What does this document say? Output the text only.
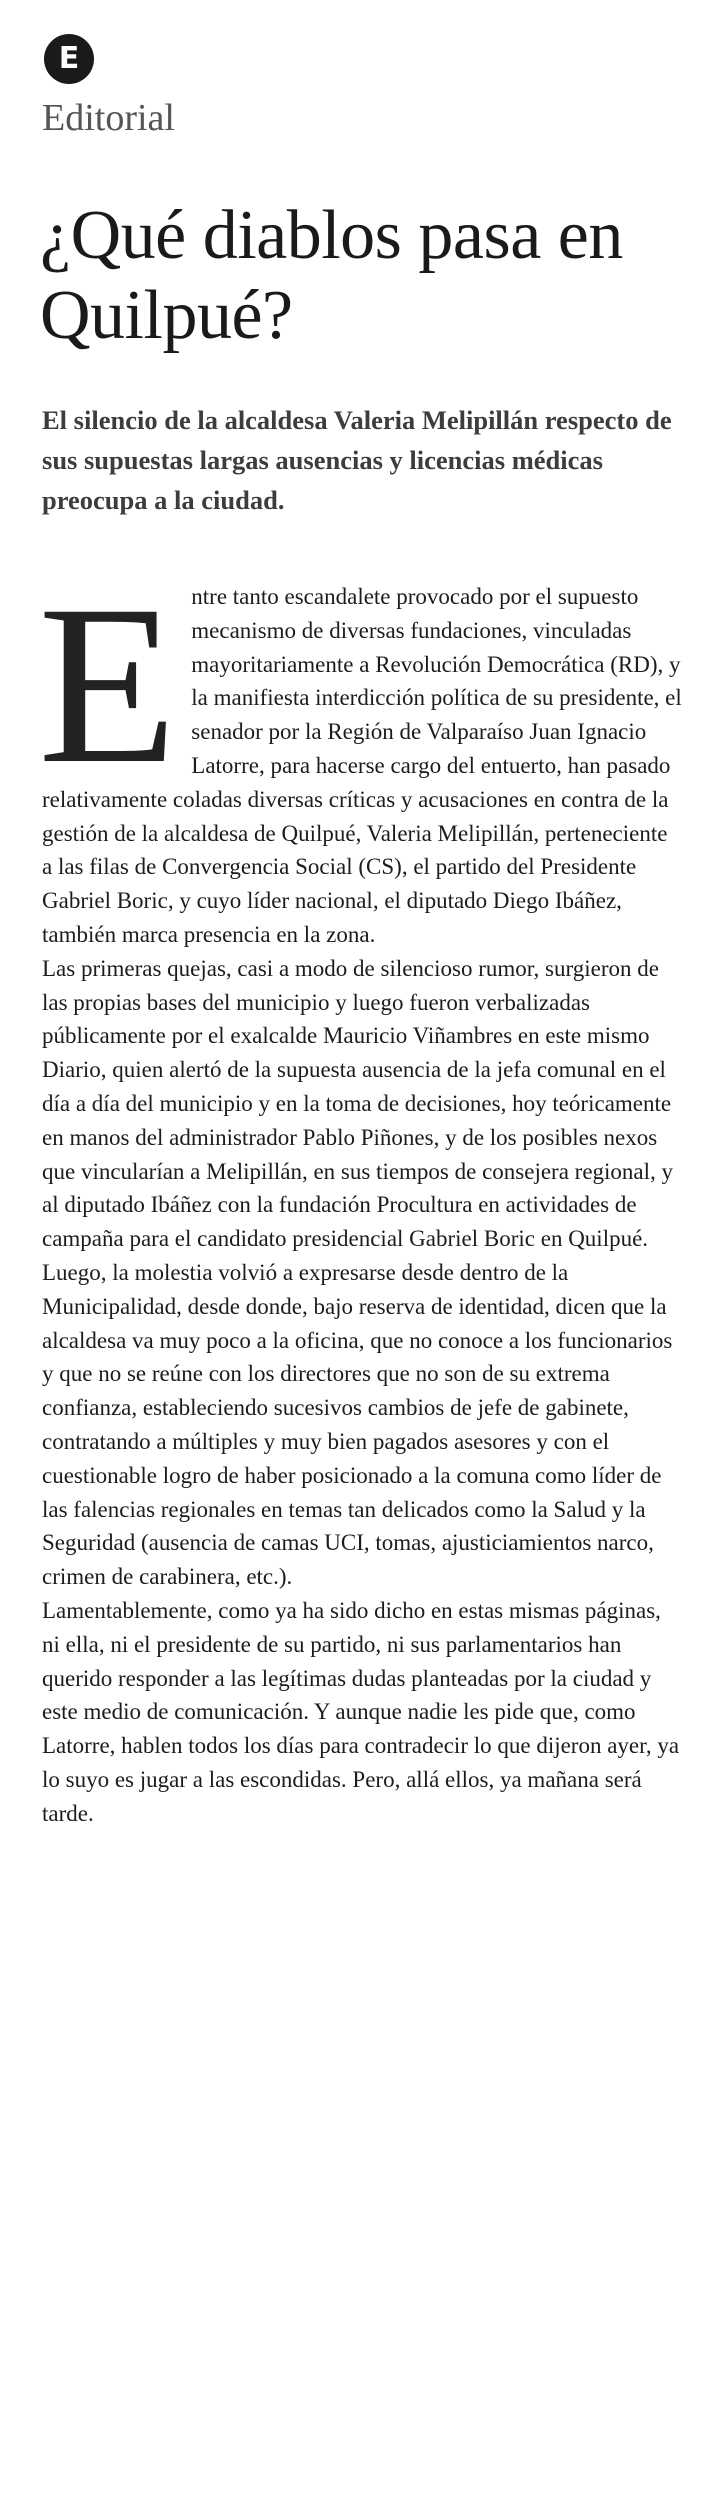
E
Editorial
¿Qué diablos pasa en Quilpué?

El silencio de la alcaldesa Valeria Melipillán respecto de sus supuestas largas ausencias y licencias médicas preocupa a la ciudad.

Entre tanto escandalete provocado por el supuesto mecanismo de diversas fundaciones, vinculadas mayoritariamente a Revolución Democrática (RD), y la manifiesta interdicción política de su presidente, el senador por la Región de Valparaíso Juan Ignacio Latorre, para hacerse cargo del entuerto, han pasado relativamente coladas diversas críticas y acusaciones en contra de la gestión de la alcaldesa de Quilpué, Valeria Melipillán, perteneciente a las filas de Convergencia Social (CS), el partido del Presidente Gabriel Boric, y cuyo líder nacional, el diputado Diego Ibáñez, también marca presencia en la zona.

Las primeras quejas, casi a modo de silencioso rumor, surgieron de las propias bases del municipio y luego fueron verbalizadas públicamente por el exalcalde Mauricio Viñambres en este mismo Diario, quien alertó de la supuesta ausencia de la jefa comunal en el día a día del municipio y en la toma de decisiones, hoy teóricamente en manos del administrador Pablo Piñones, y de los posibles nexos que vincularían a Melipillán, en sus tiempos de consejera regional, y al diputado Ibáñez con la fundación Procultura en actividades de campaña para el candidato presidencial Gabriel Boric en Quilpué.

Luego, la molestia volvió a expresarse desde dentro de la Municipalidad, desde donde, bajo reserva de identidad, dicen que la alcaldesa va muy poco a la oficina, que no conoce a los funcionarios y que no se reúne con los directores que no son de su extrema confianza, estableciendo sucesivos cambios de jefe de gabinete, contratando a múltiples y muy bien pagados asesores y con el cuestionable logro de haber posicionado a la comuna como líder de las falencias regionales en temas tan delicados como la Salud y la Seguridad (ausencia de camas UCI, tomas, ajusticiamientos narco, crimen de carabinera, etc.).

Lamentablemente, como ya ha sido dicho en estas mismas páginas, ni ella, ni el presidente de su partido, ni sus parlamentarios han querido responder a las legítimas dudas planteadas por la ciudad y este medio de comunicación. Y aunque nadie les pide que, como Latorre, hablen todos los días para contradecir lo que dijeron ayer, ya lo suyo es jugar a las escondidas. Pero, allá ellos, ya mañana será tarde.
